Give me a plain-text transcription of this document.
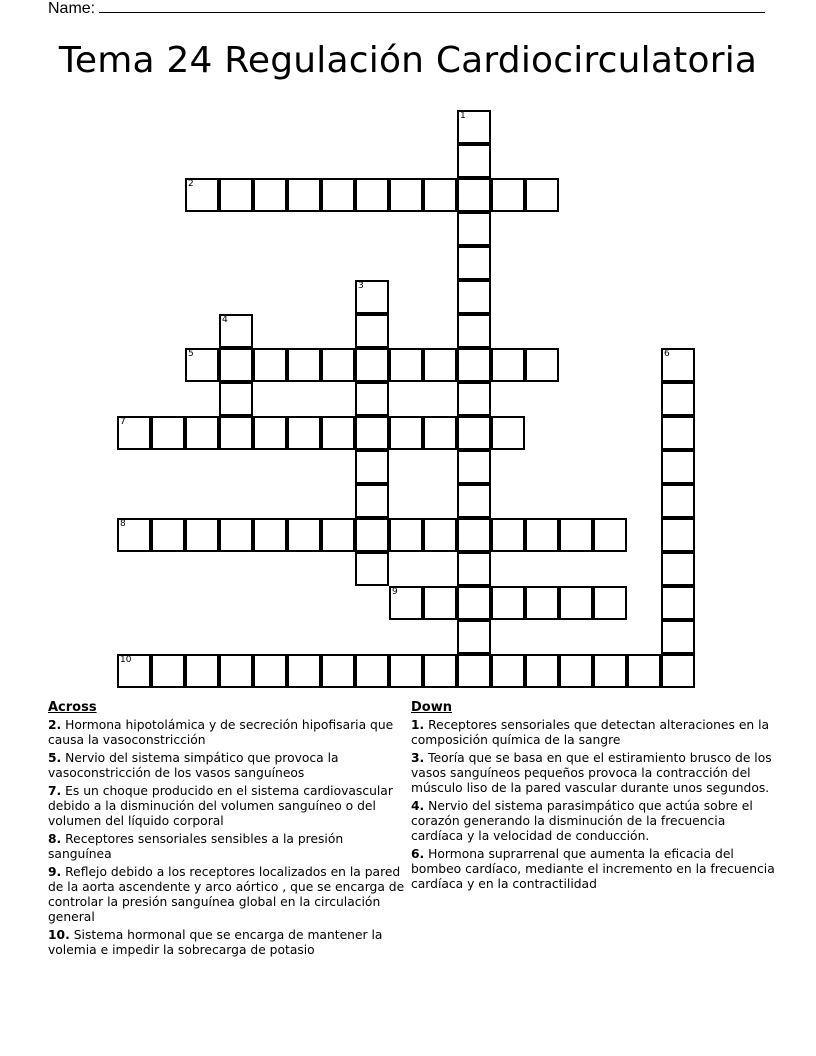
Name:
Tema 24 Regulación Cardiocirculatoria
1
2
3
4
5	6
7
8
9
10
Across
2. Hormona hipotolámica y de secreción hipofisaria que causa la vasoconstricción
5. Nervio del sistema simpático que provoca la vasoconstricción de los vasos sanguíneos
7. Es un choque producido en el sistema cardiovascular debido a la disminución del volumen sanguíneo o del volumen del líquido corporal
8. Receptores sensoriales sensibles a la presión sanguínea
9. Reflejo debido a los receptores localizados en la pared de la aorta ascendente y arco aórtico , que se encarga de controlar la presión sanguínea global en la circulación general
10. Sistema hormonal que se encarga de mantener la volemia e impedir la sobrecarga de potasio
Down
1. Receptores sensoriales que detectan alteraciones en la composición química de la sangre
3. Teoría que se basa en que el estiramiento brusco de los vasos sanguíneos pequeños provoca la contracción del músculo liso de la pared vascular durante unos segundos.
4. Nervio del sistema parasimpático que actúa sobre el corazón generando la disminución de la frecuencia cardíaca y la velocidad de conducción.
6. Hormona suprarrenal que aumenta la eficacia del bombeo cardíaco, mediante el incremento en la frecuencia cardíaca y en la contractilidad
